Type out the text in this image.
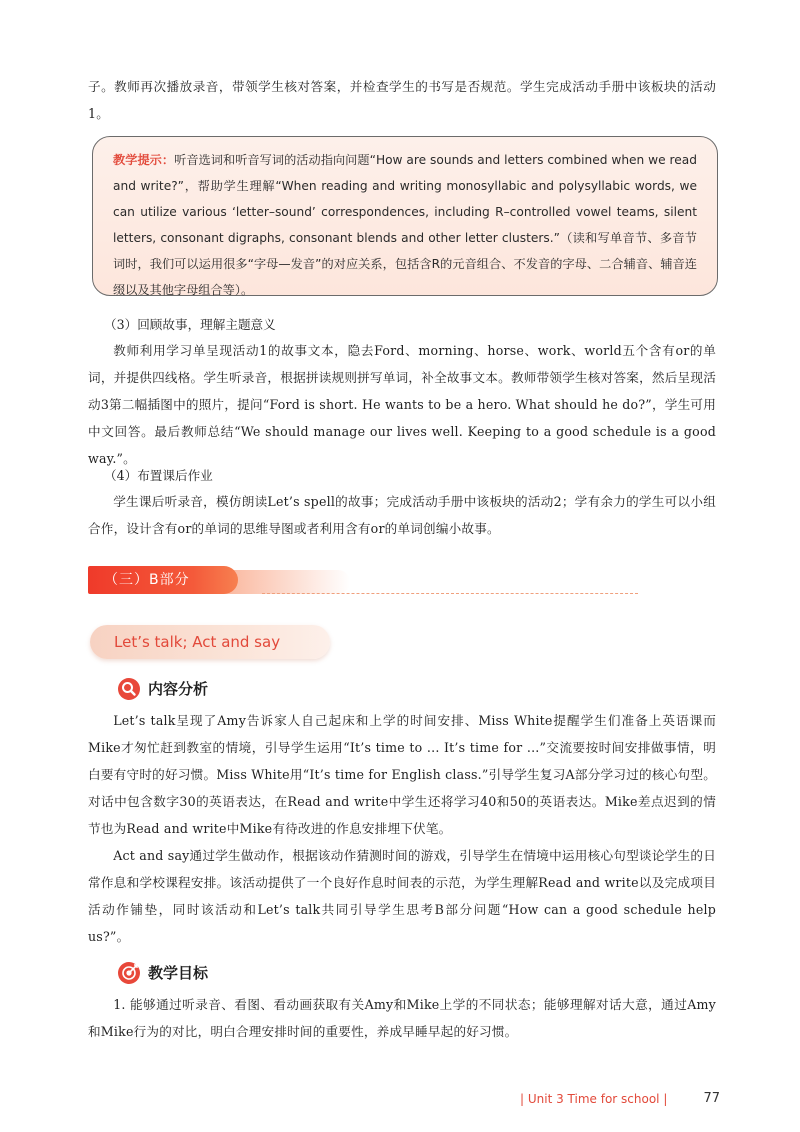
子。教师再次播放录音，带领学生核对答案，并检查学生的书写是否规范。学生完成活动手册中该板块的活动1。

教学提示：听音选词和听音写词的活动指向问题“How are sounds and letters combined when we read and write?”，帮助学生理解“When reading and writing monosyllabic and polysyllabic words, we can utilize various ‘letter–sound’ correspondences, including R–controlled vowel teams, silent letters, consonant digraphs, consonant blends and other letter clusters.”（读和写单音节、多音节词时，我们可以运用很多“字母—发音”的对应关系，包括含R的元音组合、不发音的字母、二合辅音、辅音连缀以及其他字母组合等）。

（3）回顾故事，理解主题意义

教师利用学习单呈现活动1的故事文本，隐去Ford、morning、horse、work、world五个含有or的单词，并提供四线格。学生听录音，根据拼读规则拼写单词，补全故事文本。教师带领学生核对答案，然后呈现活动3第二幅插图中的照片，提问“Ford is short. He wants to be a hero. What should he do?”，学生可用中文回答。最后教师总结“We should manage our lives well. Keeping to a good schedule is a good way.”。

（4）布置课后作业

学生课后听录音，模仿朗读Let’s spell的故事；完成活动手册中该板块的活动2；学有余力的学生可以小组合作，设计含有or的单词的思维导图或者利用含有or的单词创编小故事。

（三）B部分
Let’s talk; Act and say
内容分析

Let’s talk呈现了Amy告诉家人自己起床和上学的时间安排、Miss White提醒学生们准备上英语课而Mike才匆忙赶到教室的情境，引导学生运用“It’s time to ... It’s time for ...”交流要按时间安排做事情，明白要有守时的好习惯。Miss White用“It’s time for English class.”引导学生复习A部分学习过的核心句型。对话中包含数字30的英语表达，在Read and write中学生还将学习40和50的英语表达。Mike差点迟到的情节也为Read and write中Mike有待改进的作息安排埋下伏笔。

Act and say通过学生做动作，根据该动作猜测时间的游戏，引导学生在情境中运用核心句型谈论学生的日常作息和学校课程安排。该活动提供了一个良好作息时间表的示范，为学生理解Read and write以及完成项目活动作铺垫，同时该活动和Let’s talk共同引导学生思考B部分问题“How can a good schedule help us?”。

教学目标

1. 能够通过听录音、看图、看动画获取有关Amy和Mike上学的不同状态；能够理解对话大意，通过Amy和Mike行为的对比，明白合理安排时间的重要性，养成早睡早起的好习惯。

| Unit 3 Time for school |	77
